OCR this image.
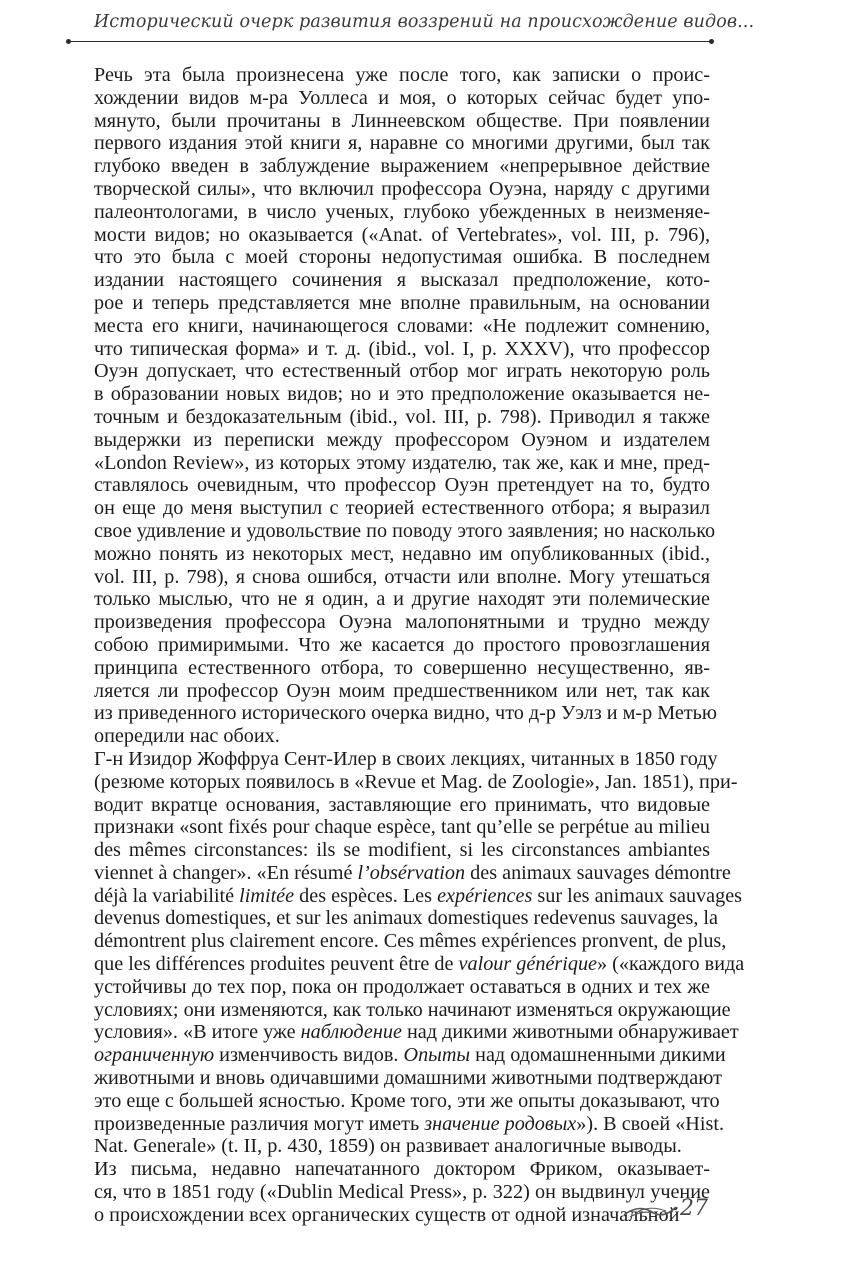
Исторический очерк развития воззрений на происхождение видов...

Речь эта была произнесена уже после того, как записки о проис-
хождении видов м-ра Уоллеса и моя, о которых сейчас будет упо-
мянуто, были прочитаны в Линнеевском обществе. При появлении
первого издания этой книги я, наравне со многими другими, был так
глубоко введен в заблуждение выражением «непрерывное действие
творческой силы», что включил профессора Оуэна, наряду с другими
палеонтологами, в число ученых, глубоко убежденных в неизменяе-
мости видов; но оказывается («Anat. of Vertebrates», vol. III, p. 796),
что это была с моей стороны недопустимая ошибка. В последнем
издании настоящего сочинения я высказал предположение, кото-
рое и теперь представляется мне вполне правильным, на основании
места его книги, начинающегося словами: «Не подлежит сомнению,
что типическая форма» и т. д. (ibid., vol. I, p. XXXV), что профессор
Оуэн допускает, что естественный отбор мог играть некоторую роль
в образовании новых видов; но и это предположение оказывается не-
точным и бездоказательным (ibid., vol. III, p. 798). Приводил я также
выдержки из переписки между профессором Оуэном и издателем
«London Review», из которых этому издателю, так же, как и мне, пред-
ставлялось очевидным, что профессор Оуэн претендует на то, будто
он еще до меня выступил с теорией естественного отбора; я выразил
свое удивление и удовольствие по поводу этого заявления; но насколько
можно понять из некоторых мест, недавно им опубликованных (ibid.,
vol. III, p. 798), я снова ошибся, отчасти или вполне. Могу утешаться
только мыслью, что не я один, а и другие находят эти полемические
произведения профессора Оуэна малопонятными и трудно между
собою примиримыми. Что же касается до простого провозглашения
принципа естественного отбора, то совершенно несущественно, яв-
ляется ли профессор Оуэн моим предшественником или нет, так как
из приведенного исторического очерка видно, что д-р Уэлз и м-р Метью
опередили нас обоих.

Г-н Изидор Жоффруа Сент-Илер в своих лекциях, читанных в 1850 году
(резюме которых появилось в «Revue et Mag. de Zoologie», Jan. 1851), при-
водит вкратце основания, заставляющие его принимать, что видовые
признаки «sont fixés pour chaque espèce, tant qu’elle se perpétue au milieu
des mêmes circonstances: ils se modifient, si les circonstances ambiantes
viennet à changer». «En résumé l’obsérvation des animaux sauvages démontre
déjà la variabilité limitée des espèces. Les expériences sur les animaux sauvages
devenus domestiques, et sur les animaux domestiques redevenus sauvages, la
démontrent plus clairement encore. Ces mêmes expériences pronvent, de plus,
que les différences produites peuvent être de valour générique» («каждого вида
устойчивы до тех пор, пока он продолжает оставаться в одних и тех же
условиях; они изменяются, как только начинают изменяться окружающие
условия». «В итоге уже наблюдение над дикими животными обнаруживает
ограниченную изменчивость видов. Опыты над одомашненными дикими
животными и вновь одичавшими домашними животными подтверждают
это еще с большей ясностью. Кроме того, эти же опыты доказывают, что
произведенные различия могут иметь значение родовых»). В своей «Hist.
Nat. Generale» (t. II, p. 430, 1859) он развивает аналогичные выводы.

Из письма, недавно напечатанного доктором Фриком, оказывает-
ся, что в 1851 году («Dublin Medical Press», p. 322) он выдвинул учение
о происхождении всех органических существ от одной изначальной 27
